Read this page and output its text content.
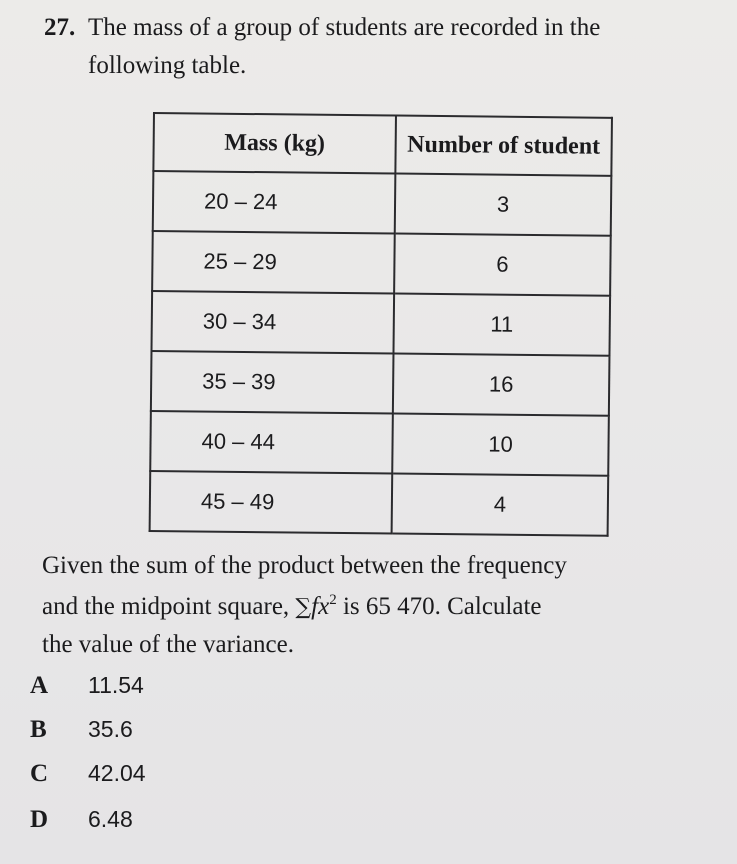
27. The mass of a group of students are recorded in the
following table.
Mass (kg)	Number of student
20 – 24	3
25 – 29	6
30 – 34	11
35 – 39	16
40 – 44	10
45 – 49	4
Given the sum of the product between the frequency
and the midpoint square, $\sum fx^2$ is 65 470. Calculate
the value of the variance.
A 11.54
B 35.6
C 42.04
D 6.48
